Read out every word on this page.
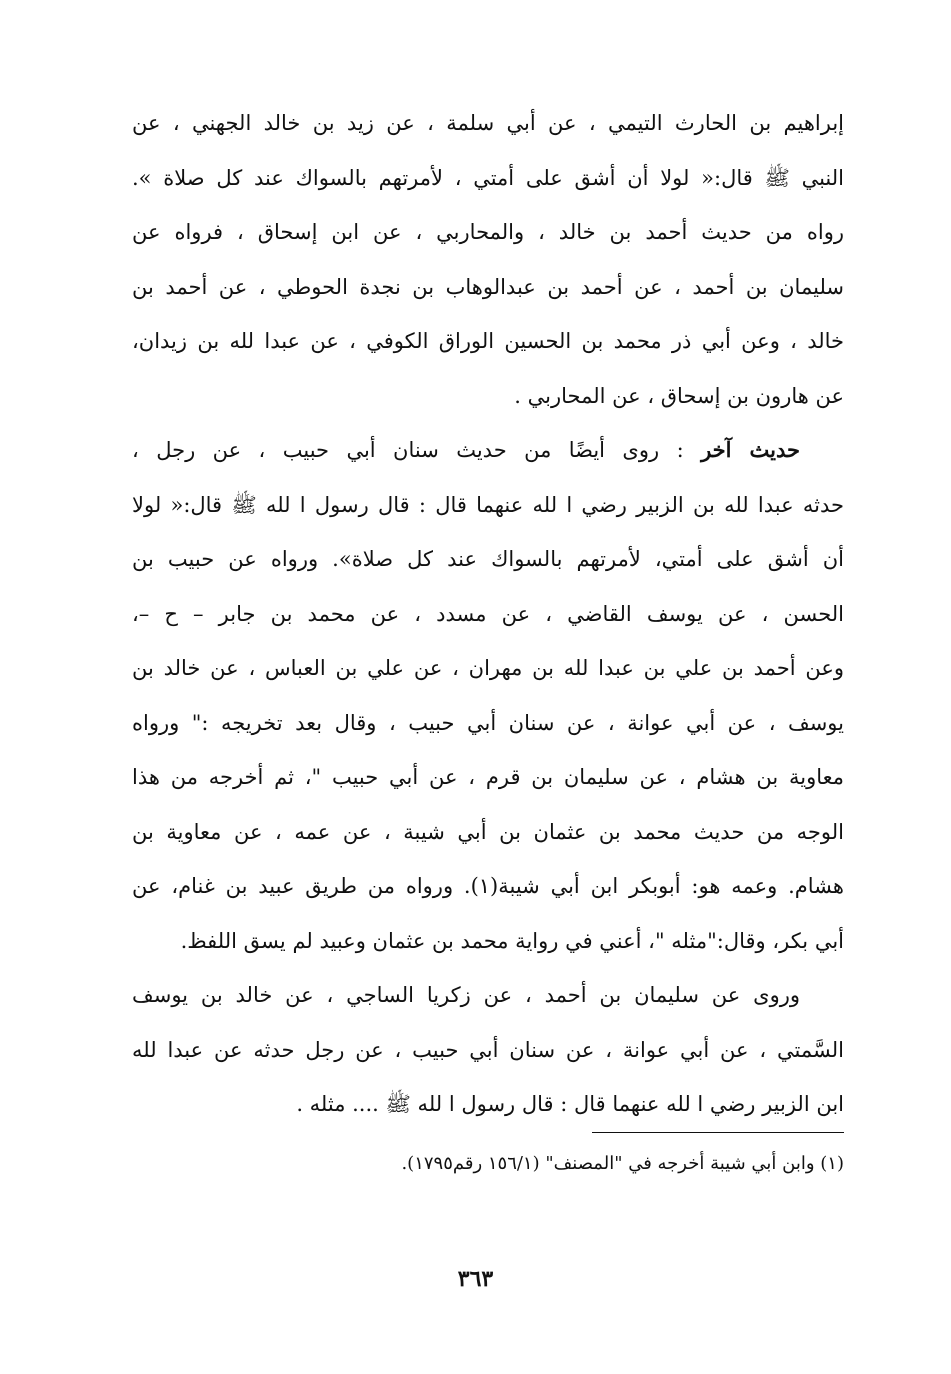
إبراهيم بن الحارث التيمي ، عن أبي سلمة ، عن زيد بن خالد الجهني ، عن
النبي ﷺ قال:« لولا أن أشق على أمتي ، لأمرتهم بالسواك عند كل صلاة ».
رواه من حديث أحمد بن خالد ، والمحاربي ، عن ابن إسحاق ، فرواه عن
سليمان بن أحمد ، عن أحمد بن عبدالوهاب بن نجدة الحوطي ، عن أحمد بن
خالد ، وعن أبي ذر محمد بن الحسين الوراق الكوفي ، عن عبدا لله بن زيدان،
عن هارون بن إسحاق ، عن المحاربي .
حديث آخر : روى أيضًا من حديث سنان أبي حبيب ، عن رجل ،
حدثه عبدا لله بن الزبير رضي ا لله عنهما قال : قال رسول ا لله ﷺ قال:« لولا
أن أشق على أمتي، لأمرتهم بالسواك عند كل صلاة». ورواه عن حبيب بن
الحسن ، عن يوسف القاضي ، عن مسدد ، عن محمد بن جابر – ح –،
وعن أحمد بن علي بن عبدا لله بن مهران ، عن علي بن العباس ، عن خالد بن
يوسف ، عن أبي عوانة ، عن سنان أبي حبيب ، وقال بعد تخريجه :" ورواه
معاوية بن هشام ، عن سليمان بن قرم ، عن أبي حبيب "، ثم أخرجه من هذا
الوجه من حديث محمد بن عثمان بن أبي شيبة ، عن عمه ، عن معاوية بن
هشام. وعمه هو: أبوبكر ابن أبي شيبة(١). ورواه من طريق عبيد بن غنام، عن
أبي بكر، وقال:"مثله "، أعني في رواية محمد بن عثمان وعبيد لم يسق اللفظ.
وروى عن سليمان بن أحمد ، عن زكريا الساجي ، عن خالد بن يوسف
السَّمتي ، عن أبي عوانة ، عن سنان أبي حبيب ، عن رجل حدثه عن عبدا لله
ابن الزبير رضي ا لله عنهما قال : قال رسول ا لله ﷺ .... مثله .
(١) وابن أبي شيبة أخرجه في "المصنف" (١٥٦/١ رقم١٧٩٥).
٣٦٣
